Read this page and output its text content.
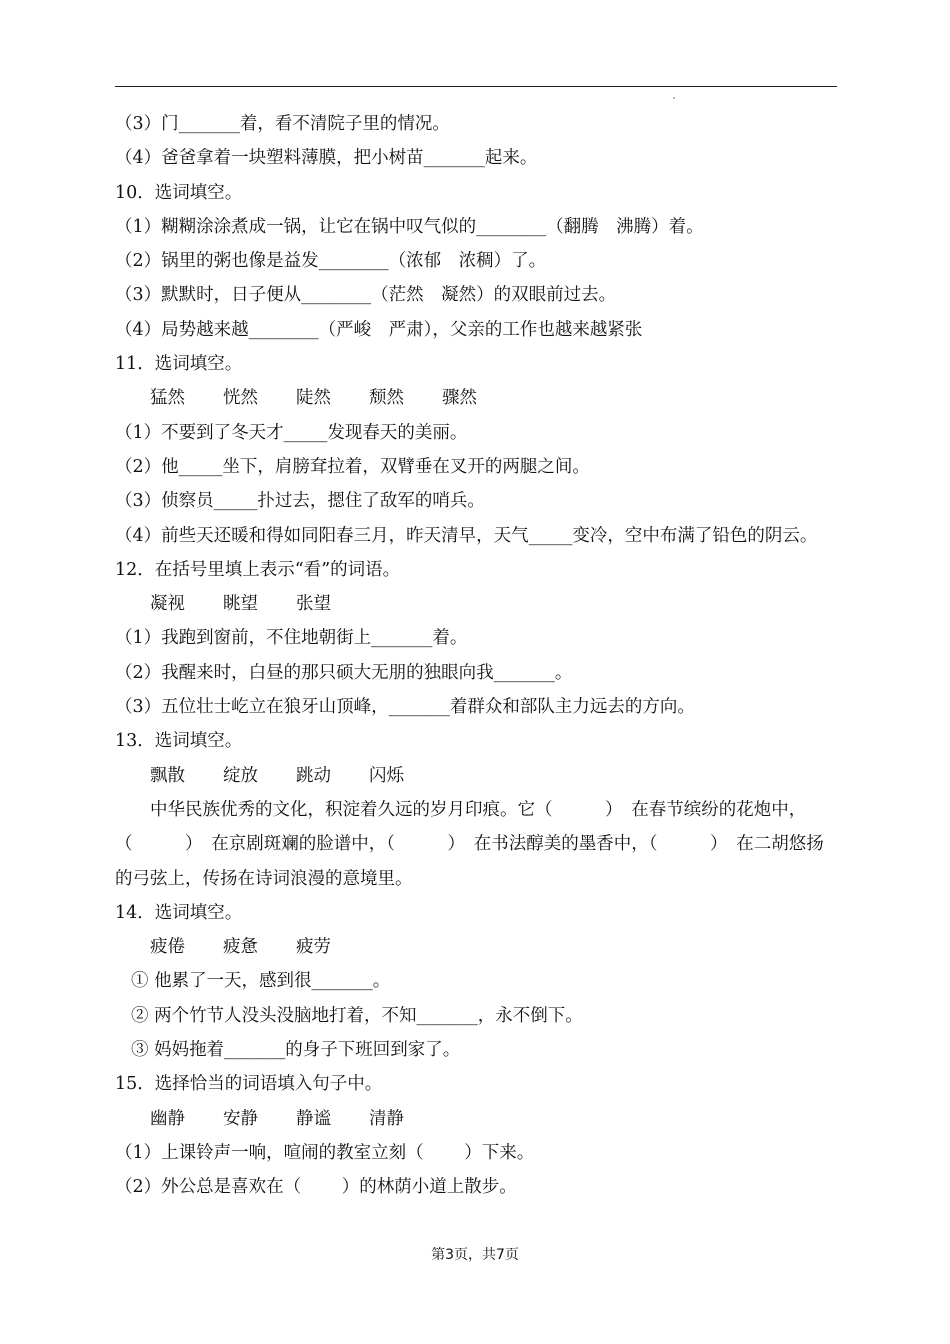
（3）门_______着，看不清院子里的情况。
（4）爸爸拿着一块塑料薄膜，把小树苗_______起来。
10．选词填空。
（1）糊糊涂涂煮成一锅，让它在锅中叹气似的________（翻腾　沸腾）着。
（2）锅里的粥也像是益发________（浓郁　浓稠）了。
（3）默默时，日子便从________（茫然　凝然）的双眼前过去。
（4）局势越来越________（严峻　严肃），父亲的工作也越来越紧张
11．选词填空。
猛然 恍然 陡然 颓然 骤然
（1）不要到了冬天才_____发现春天的美丽。
（2）他_____坐下，肩膀耷拉着，双臂垂在叉开的两腿之间。
（3）侦察员_____扑过去，摁住了敌军的哨兵。
（4）前些天还暖和得如同阳春三月，昨天清早，天气_____变冷，空中布满了铅色的阴云。
12．在括号里填上表示“看”的词语。
凝视 眺望 张望
（1）我跑到窗前，不住地朝街上_______着。
（2）我醒来时，白昼的那只硕大无朋的独眼向我_______。
（3）五位壮士屹立在狼牙山顶峰，_______着群众和部队主力远去的方向。
13．选词填空。
飘散 绽放 跳动 闪烁
中华民族优秀的文化，积淀着久远的岁月印痕。它（　　　）　在春节缤纷的花炮中，（　　　）　在京剧斑斓的脸谱中，（　　　）　在书法醇美的墨香中，（　　　）　在二胡悠扬的弓弦上，传扬在诗词浪漫的意境里。
14．选词填空。
疲倦 疲惫 疲劳
① 他累了一天，感到很_______。
② 两个竹节人没头没脑地打着，不知_______，永不倒下。
③ 妈妈拖着_______的身子下班回到家了。
15．选择恰当的词语填入句子中。
幽静 安静 静谧 清静
（1）上课铃声一响，喧闹的教室立刻（　　 ）下来。
（2）外公总是喜欢在（　　 ）的林荫小道上散步。
第3页，共7页
